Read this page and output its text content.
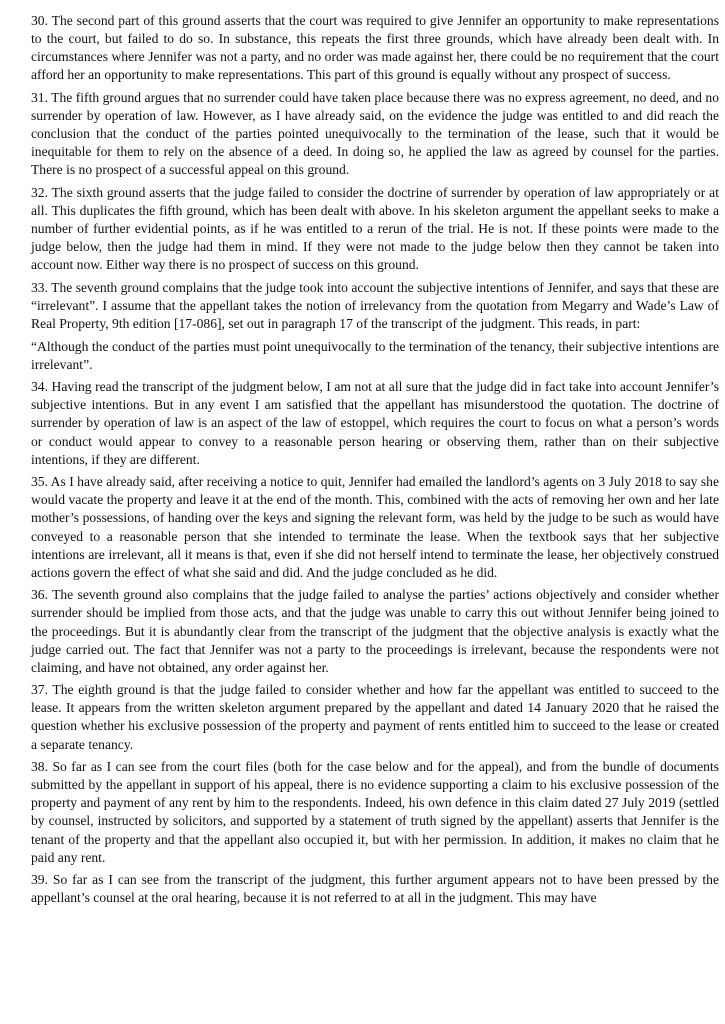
30. The second part of this ground asserts that the court was required to give Jennifer an opportunity to make representations to the court, but failed to do so. In substance, this repeats the first three grounds, which have already been dealt with. In circumstances where Jennifer was not a party, and no order was made against her, there could be no requirement that the court afford her an opportunity to make representations. This part of this ground is equally without any prospect of success.

31. The fifth ground argues that no surrender could have taken place because there was no express agreement, no deed, and no surrender by operation of law. However, as I have already said, on the evidence the judge was entitled to and did reach the conclusion that the conduct of the parties pointed unequivocally to the termination of the lease, such that it would be inequitable for them to rely on the absence of a deed. In doing so, he applied the law as agreed by counsel for the parties. There is no prospect of a successful appeal on this ground.

32. The sixth ground asserts that the judge failed to consider the doctrine of surrender by operation of law appropriately or at all. This duplicates the fifth ground, which has been dealt with above. In his skeleton argument the appellant seeks to make a number of further evidential points, as if he was entitled to a rerun of the trial. He is not. If these points were made to the judge below, then the judge had them in mind. If they were not made to the judge below then they cannot be taken into account now. Either way there is no prospect of success on this ground.

33. The seventh ground complains that the judge took into account the subjective intentions of Jennifer, and says that these are “irrelevant”. I assume that the appellant takes the notion of irrelevancy from the quotation from Megarry and Wade’s Law of Real Property, 9th edition [17-086], set out in paragraph 17 of the transcript of the judgment. This reads, in part:

“Although the conduct of the parties must point unequivocally to the termination of the tenancy, their subjective intentions are irrelevant”.

34. Having read the transcript of the judgment below, I am not at all sure that the judge did in fact take into account Jennifer’s subjective intentions. But in any event I am satisfied that the appellant has misunderstood the quotation. The doctrine of surrender by operation of law is an aspect of the law of estoppel, which requires the court to focus on what a person’s words or conduct would appear to convey to a reasonable person hearing or observing them, rather than on their subjective intentions, if they are different.

35. As I have already said, after receiving a notice to quit, Jennifer had emailed the landlord’s agents on 3 July 2018 to say she would vacate the property and leave it at the end of the month. This, combined with the acts of removing her own and her late mother’s possessions, of handing over the keys and signing the relevant form, was held by the judge to be such as would have conveyed to a reasonable person that she intended to terminate the lease. When the textbook says that her subjective intentions are irrelevant, all it means is that, even if she did not herself intend to terminate the lease, her objectively construed actions govern the effect of what she said and did. And the judge concluded as he did.

36. The seventh ground also complains that the judge failed to analyse the parties’ actions objectively and consider whether surrender should be implied from those acts, and that the judge was unable to carry this out without Jennifer being joined to the proceedings. But it is abundantly clear from the transcript of the judgment that the objective analysis is exactly what the judge carried out. The fact that Jennifer was not a party to the proceedings is irrelevant, because the respondents were not claiming, and have not obtained, any order against her.

37. The eighth ground is that the judge failed to consider whether and how far the appellant was entitled to succeed to the lease. It appears from the written skeleton argument prepared by the appellant and dated 14 January 2020 that he raised the question whether his exclusive possession of the property and payment of rents entitled him to succeed to the lease or created a separate tenancy.

38. So far as I can see from the court files (both for the case below and for the appeal), and from the bundle of documents submitted by the appellant in support of his appeal, there is no evidence supporting a claim to his exclusive possession of the property and payment of any rent by him to the respondents. Indeed, his own defence in this claim dated 27 July 2019 (settled by counsel, instructed by solicitors, and supported by a statement of truth signed by the appellant) asserts that Jennifer is the tenant of the property and that the appellant also occupied it, but with her permission. In addition, it makes no claim that he paid any rent.

39. So far as I can see from the transcript of the judgment, this further argument appears not to have been pressed by the appellant’s counsel at the oral hearing, because it is not referred to at all in the judgment. This may have
